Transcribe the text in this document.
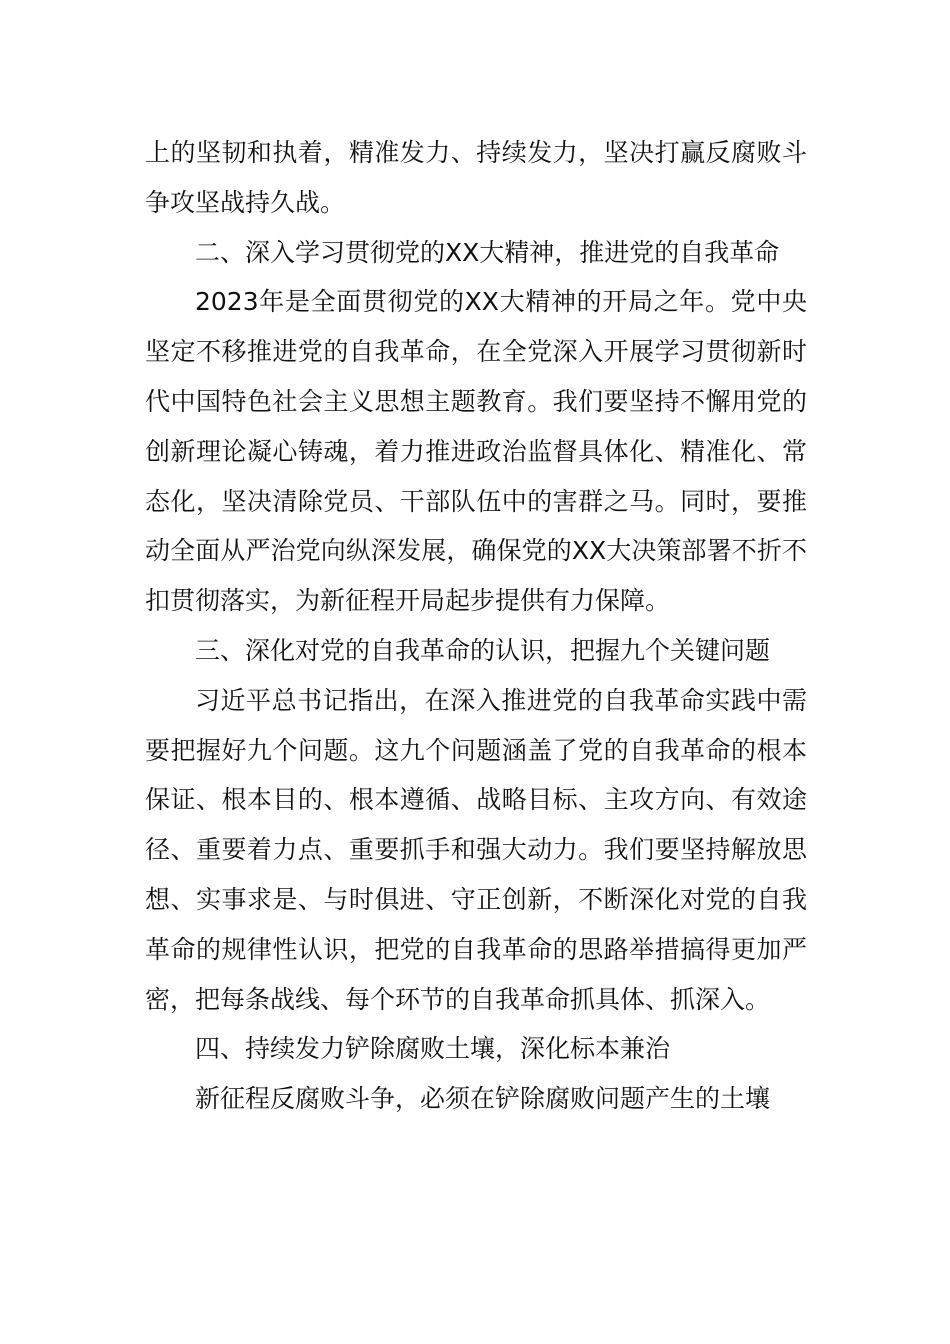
上的坚韧和执着，精准发力、持续发力，坚决打赢反腐败斗争攻坚战持久战。

二、深入学习贯彻党的XX大精神，推进党的自我革命

2023年是全面贯彻党的XX大精神的开局之年。党中央坚定不移推进党的自我革命，在全党深入开展学习贯彻新时代中国特色社会主义思想主题教育。我们要坚持不懈用党的创新理论凝心铸魂，着力推进政治监督具体化、精准化、常态化，坚决清除党员、干部队伍中的害群之马。同时，要推动全面从严治党向纵深发展，确保党的XX大决策部署不折不扣贯彻落实，为新征程开局起步提供有力保障。

三、深化对党的自我革命的认识，把握九个关键问题

习近平总书记指出，在深入推进党的自我革命实践中需要把握好九个问题。这九个问题涵盖了党的自我革命的根本保证、根本目的、根本遵循、战略目标、主攻方向、有效途径、重要着力点、重要抓手和强大动力。我们要坚持解放思想、实事求是、与时俱进、守正创新，不断深化对党的自我革命的规律性认识，把党的自我革命的思路举措搞得更加严密，把每条战线、每个环节的自我革命抓具体、抓深入。

四、持续发力铲除腐败土壤，深化标本兼治

新征程反腐败斗争，必须在铲除腐败问题产生的土壤
